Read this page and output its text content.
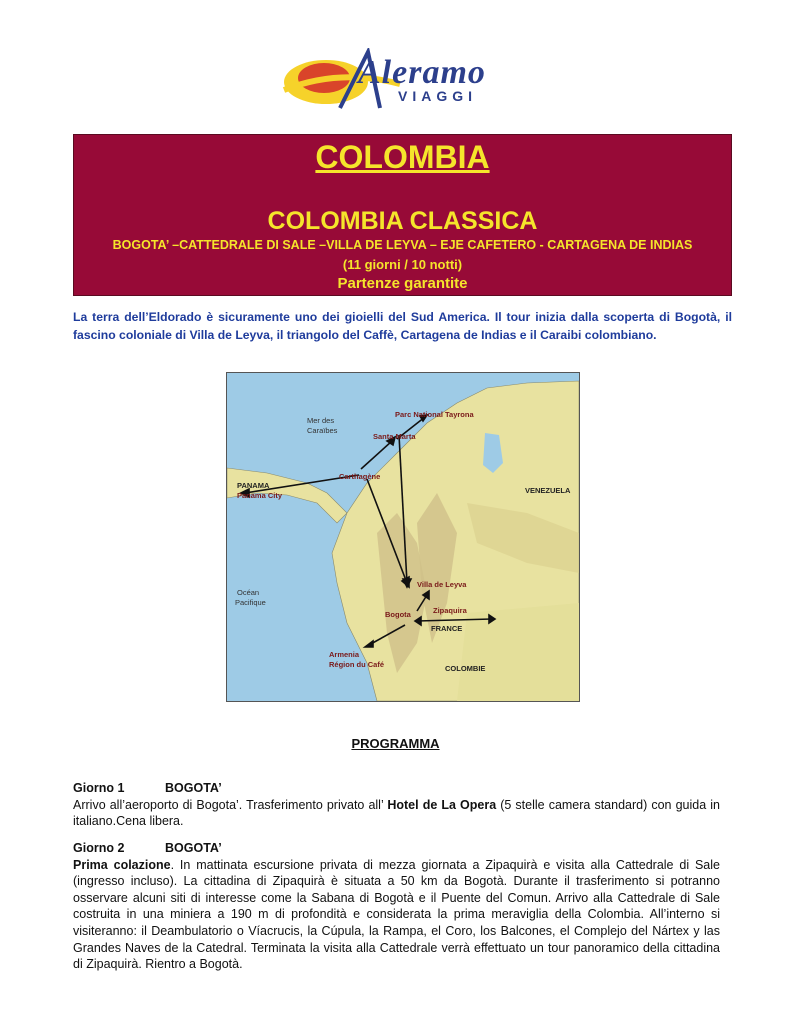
Aleramo
VIAGGI
COLOMBIA
COLOMBIA CLASSICA
BOGOTA’ –CATTEDRALE DI SALE –VILLA DE LEYVA – EJE CAFETERO - CARTAGENA DE INDIAS
(11 giorni / 10 notti)
Partenze garantite
La terra dell’Eldorado è sicuramente uno dei gioielli del Sud America. Il tour inizia dalla scoperta di Bogotà, il fascino coloniale di Villa de Leyva, il triangolo del Caffè, Cartagena de Indias e il Caraibi colombiano.
Mer des
Caraïbes
Parc National Tayrona
Santa Marta
Carthagène
PANAMA
Panama City
VENEZUELA
Océan
Pacifique
Villa de Leyva
Zipaquira
Bogota
FRANCE
Armenia
Région du Café	COLOMBIE
PROGRAMMA
Giorno 1	BOGOTA’
Arrivo all’aeroporto di Bogota’. Trasferimento privato all’ Hotel de La Opera (5 stelle camera standard) con guida in italiano.Cena libera.
Giorno 2	BOGOTA’
Prima colazione. In mattinata escursione privata di mezza giornata a Zipaquirà e visita alla Cattedrale di Sale (ingresso incluso). La cittadina di Zipaquirà è situata a 50 km da Bogotà. Durante il trasferimento si potranno osservare alcuni siti di interesse come la Sabana di Bogotà e il Puente del Comun. Arrivo alla Cattedrale di Sale costruita in una miniera a 190 m di profondità e considerata la prima meraviglia della Colombia. All’interno si visiteranno: il Deambulatorio o Víacrucis, la Cúpula, la Rampa, el Coro, los Balcones, el Complejo del Nártex y las Grandes Naves de la Catedral. Terminata la visita alla Cattedrale verrà effettuato un tour panoramico della cittadina di Zipaquirà. Rientro a Bogotà.
